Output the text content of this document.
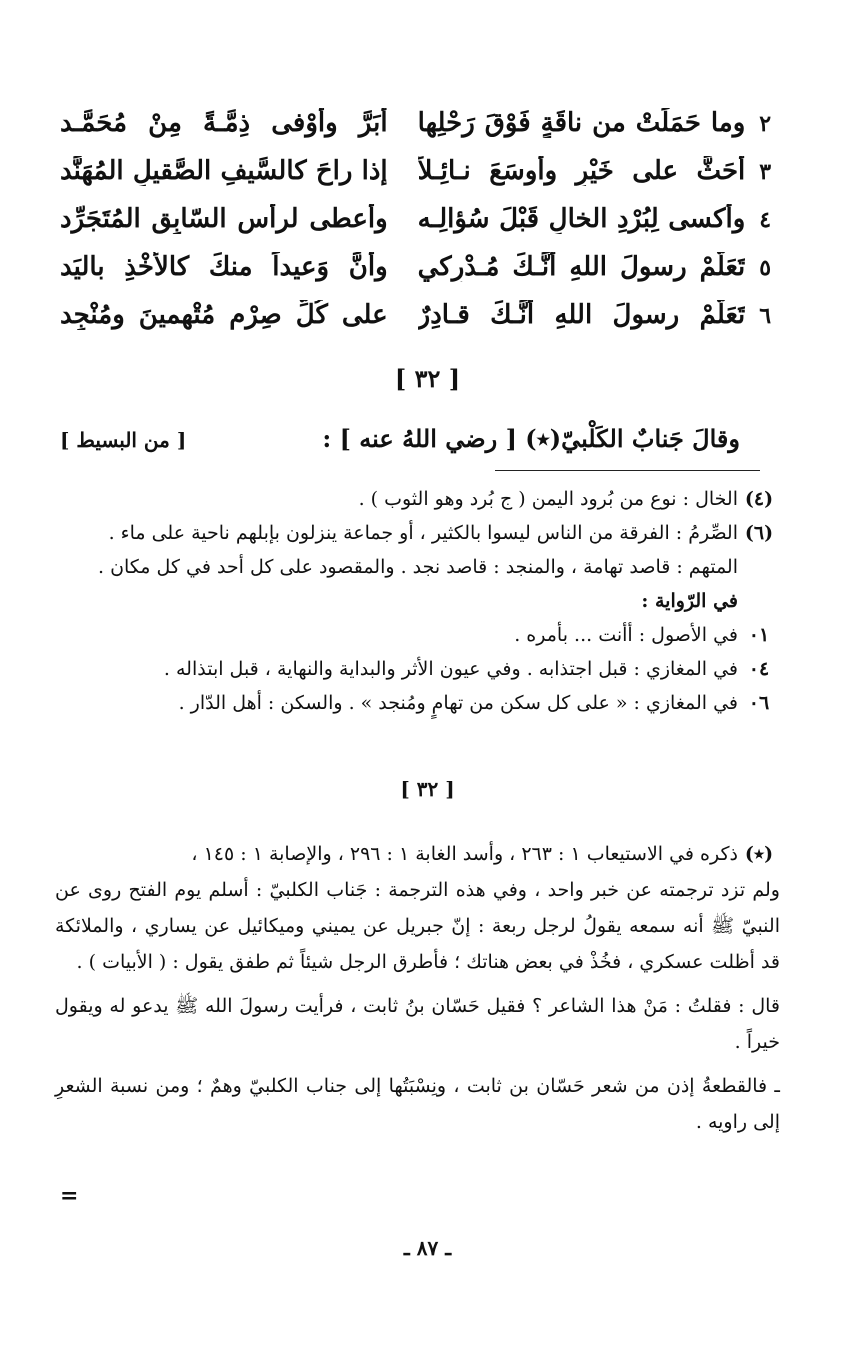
٢
وما حَمَلَتْ من ناقَةٍ فَوْقَ رَحْلِها
أبَرَّ وأوْفى ذِمَّـةً مِنْ مُحَمَّـد
٣
أحَثَّ على خَيْرٍ وأوسَعَ نـائِـلاً
إذا راحَ كالسَّيفِ الصَّقيلِ المُهَنَّد
٤
وأكسى لِبُرْدِ الخالِ قَبْلَ سُؤالِـه
وأعطى لرأسِ السّابِقِ المُتَجَرِّد
٥
تَعَلَّمْ رسولَ اللهِ أنَّـكَ مُـدْرِكي
وأنَّ وَعيداً منكَ كالأَخْذِ باليَد
٦
تَعَلَّمْ رسولَ اللهِ أنَّـكَ قـادِرٌ
على كُلِّ صِرْمٍ مُتْهِمينَ ومُنْجِد
[ ٣٢ ]
وقالَ جَنابٌ الكَلْبيّ(٭) [ رضي اللهُ عنه ] :
[ من البسيط ]
(٤)
الخال : نوع من بُرود اليمن ( ج بُرد وهو الثوب ) .
(٦)
الصِّرمُ : الفرقة من الناس ليسوا بالكثير ، أو جماعة ينزلون بإبلهم ناحية على ماء .
المتهم : قاصد تهامة ، والمنجد : قاصد نجد . والمقصود على كل أحد في كل مكان .
في الرّواية :
٠١
في الأصول : أأنت ... بأمره .
٠٤
في المغازي : قبل اجتذابه . وفي عيون الأثر والبداية والنهاية ، قبل ابتذاله .
٠٦
في المغازي : « على كل سكن من تهامٍ ومُنجد » . والسكن : أهل الدّار .
[ ٣٢ ]
(٭)
ذكره في الاستيعاب ١ : ٢٦٣ ، وأسد الغابة ١ : ٢٩٦ ، والإصابة ١ : ١٤٥ ،
ولم تزد ترجمته عن خبر واحد ، وفي هذه الترجمة : جَناب الكلبيّ : أسلم يوم الفتح روى عن النبيّ ﷺ أنه سمعه يقولُ لرجل ربعة : إنّ جبريل عن يميني وميكائيل عن يساري ، والملائكة قد أظلت عسكري ، فخُذْ في بعض هناتك ؛ فأطرق الرجل شيئاً ثم طفق يقول : ( الأبيات ) .
قال : فقلتُ : مَنْ هذا الشاعر ؟ فقيل حَسّان بنُ ثابت ، فرأيت رسولَ الله ﷺ يدعو له ويقول خيراً .
ـ فالقطعةُ إذن من شعر حَسّان بن ثابت ، ونِسْبَتُها إلى جناب الكلبيّ وهمٌ ؛ ومن نسبة الشعرِ إلى راويه .
=
ـ ٨٧ ـ
